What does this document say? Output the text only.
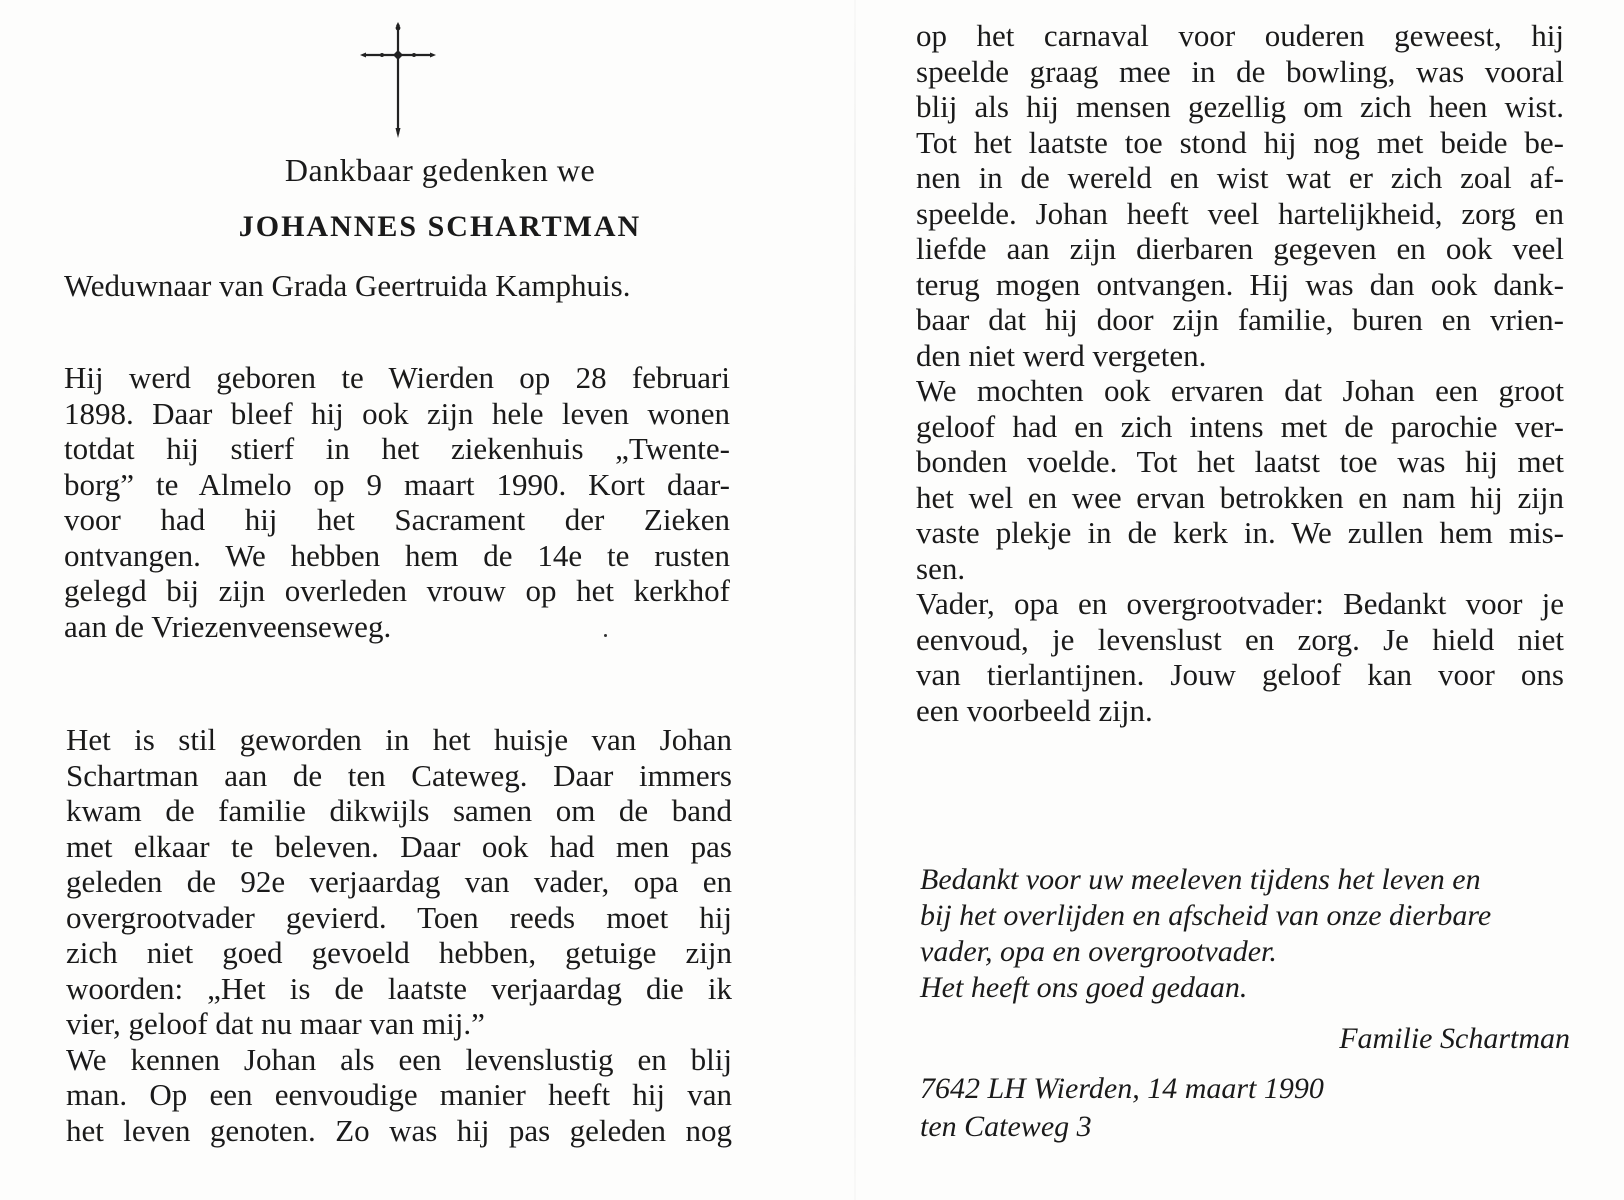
Dankbaar gedenken we
JOHANNES SCHARTMAN
Weduwnaar van Grada Geertruida Kamphuis.
Hij werd geboren te Wierden op 28 februari
1898. Daar bleef hij ook zijn hele leven wonen
totdat hij stierf in het ziekenhuis „Twente-
borg” te Almelo op 9 maart 1990. Kort daar-
voor had hij het Sacrament der Zieken
ontvangen. We hebben hem de 14e te rusten
gelegd bij zijn overleden vrouw op het kerkhof
aan de Vriezenveenseweg.
Het is stil geworden in het huisje van Johan
Schartman aan de ten Cateweg. Daar immers
kwam de familie dikwijls samen om de band
met elkaar te beleven. Daar ook had men pas
geleden de 92e verjaardag van vader, opa en
overgrootvader gevierd. Toen reeds moet hij
zich niet goed gevoeld hebben, getuige zijn
woorden: „Het is de laatste verjaardag die ik
vier, geloof dat nu maar van mij.”
We kennen Johan als een levenslustig en blij
man. Op een eenvoudige manier heeft hij van
het leven genoten. Zo was hij pas geleden nog
op het carnaval voor ouderen geweest, hij
speelde graag mee in de bowling, was vooral
blij als hij mensen gezellig om zich heen wist.
Tot het laatste toe stond hij nog met beide be-
nen in de wereld en wist wat er zich zoal af-
speelde. Johan heeft veel hartelijkheid, zorg en
liefde aan zijn dierbaren gegeven en ook veel
terug mogen ontvangen. Hij was dan ook dank-
baar dat hij door zijn familie, buren en vrien-
den niet werd vergeten.
We mochten ook ervaren dat Johan een groot
geloof had en zich intens met de parochie ver-
bonden voelde. Tot het laatst toe was hij met
het wel en wee ervan betrokken en nam hij zijn
vaste plekje in de kerk in. We zullen hem mis-
sen.
Vader, opa en overgrootvader: Bedankt voor je
eenvoud, je levenslust en zorg. Je hield niet
van tierlantijnen. Jouw geloof kan voor ons
een voorbeeld zijn.
Bedankt voor uw meeleven tijdens het leven en
bij het overlijden en afscheid van onze dierbare
vader, opa en overgrootvader.
Het heeft ons goed gedaan.
Familie Schartman
7642 LH Wierden, 14 maart 1990
ten Cateweg 3
